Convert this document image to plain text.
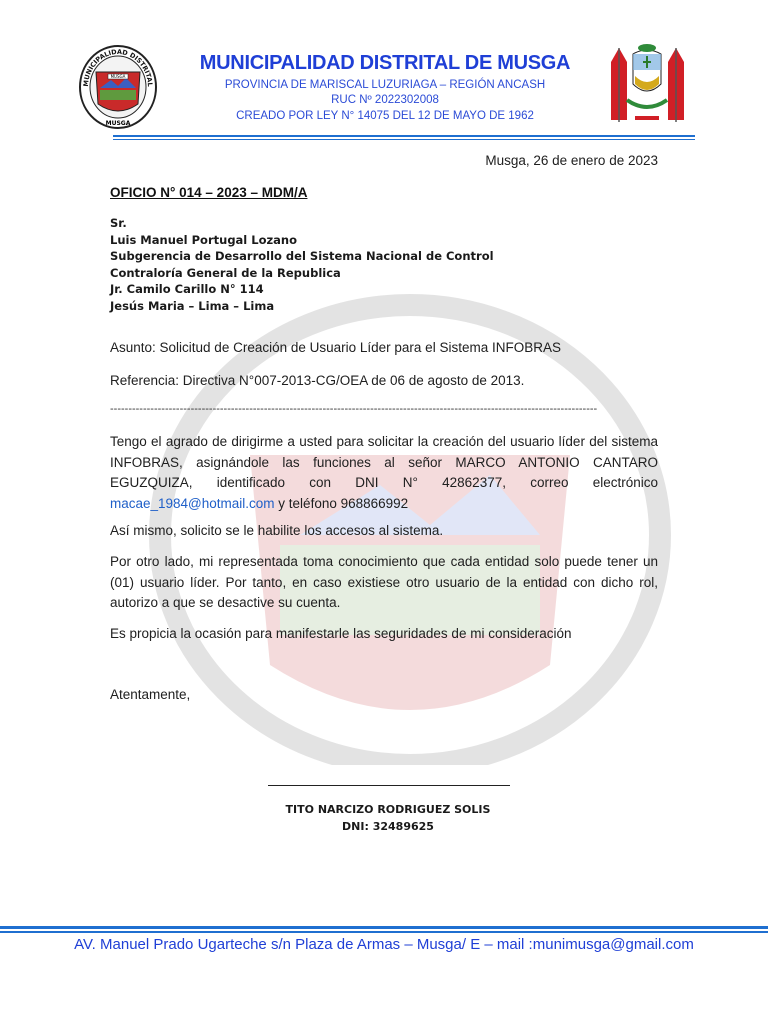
MUSGA
MUNICIPALIDAD DISTRITAL
MUSGA
MUNICIPALIDAD DISTRITAL DE MUSGA
PROVINCIA DE MARISCAL LUZURIAGA – REGIÓN ANCASH
RUC Nº 2022302008
CREADO POR LEY N° 14075 DEL 12 DE MAYO DE 1962
Musga, 26 de enero de 2023
OFICIO N° 014 – 2023 – MDM/A
Sr.
Luis Manuel Portugal Lozano
Subgerencia de Desarrollo del Sistema Nacional de Control
Contraloría General de la Republica
Jr. Camilo Carillo N° 114
Jesús Maria – Lima – Lima
Asunto: Solicitud de Creación de Usuario Líder para el Sistema INFOBRAS
Referencia: Directiva N°007-2013-CG/OEA de 06 de agosto de 2013.
-------------------------------------------------------------------------------------------------------------------------------------
Tengo el agrado de dirigirme a usted para solicitar la creación del usuario líder del sistema INFOBRAS, asignándole las funciones al señor MARCO ANTONIO CANTARO EGUZQUIZA, identificado con DNI N° 42862377, correo electrónico macae_1984@hotmail.com y teléfono 968866992
Así mismo, solicito se le habilite los accesos al sistema.
Por otro lado, mi representada toma conocimiento que cada entidad solo puede tener un (01) usuario líder. Por tanto, en caso existiese otro usuario de la entidad con dicho rol, autorizo a que se desactive su cuenta.
Es propicia la ocasión para manifestarle las seguridades de mi consideración
Atentamente,
TITO NARCIZO RODRIGUEZ SOLIS
DNI: 32489625
AV. Manuel Prado Ugarteche s/n Plaza de Armas – Musga/ E – mail :munimusga@gmail.com
